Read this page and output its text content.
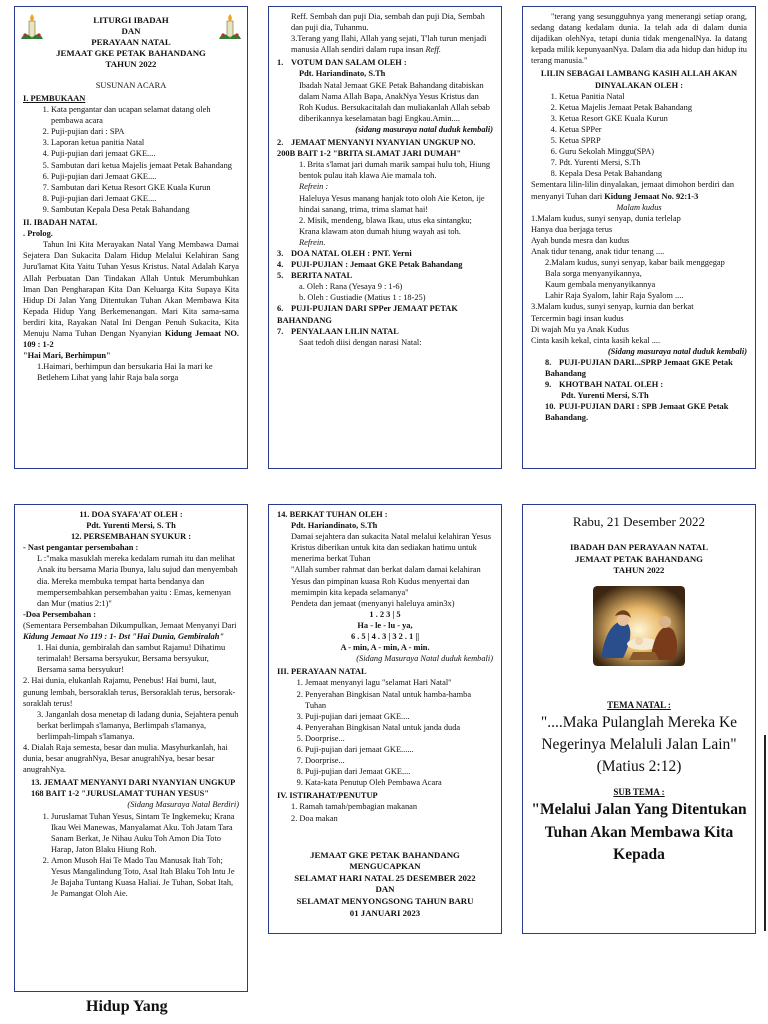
LITURGI IBADAH
DAN
PERAYAAN NATAL
JEMAAT GKE PETAK BAHANDANG
TAHUN 2022

SUSUNAN ACARA

I. PEMBUKAAN

1. Kata pengantar dan ucapan selamat datang oleh pembawa acara
2. Puji-pujian dari : SPA
3. Laporan ketua panitia Natal
4. Puji-pujian dari jemaat GKE....
5. Sambutan dari ketua Majelis jemaat Petak Bahandang
6. Puji-pujian dari Jemaat GKE....
7. Sambutan dari Ketua Resort GKE Kuala Kurun
8. Puji-pujian dari Jemaat GKE....
9. Sambutan Kepala Desa Petak Bahandang

II. IBADAH NATAL

. Prolog.

Tahun Ini Kita Merayakan Natal Yang Membawa Damai Sejatera Dan Sukacita Dalam Hidup Melalui Kelahiran Sang Juru'lamat Kita Yaitu Tuhan Yesus Kristus. Natal Adalah Karya Allah Perbuatan Dan Tindakan Allah Untuk Merumbuhkan Iman Dan Pengharapan Kita Dan Keluarga Kita Supaya Kita Hidup Di Jalan Yang Ditentukan Tuhan Akan Membawa Kita Kepada Hidup Yang Berkemenangan. Mari Kita sama-sama berdiri kita, Rayakan Natal Ini Dengan Penuh Sukacita, Kita Menuju Nama Tuhan Dengan Nyanyian Kidung Jemaat NO. 109 : 1-2

"Hai Mari, Berhimpun"

1.Haimari, berhimpun dan bersukaria Hai Ia mari ke Betlehem Lihat yang lahir Raja bala sorga

Reff. Sembah dan puji Dia, sembah dan puji Dia, Sembah dan puji dia, Tuhanmu.

3.Terang yang Ilahi, Allah yang sejati, T'lah turun menjadi manusia Allah sendiri dalam rupa insan Reff.

1. VOTUM DAN SALAM OLEH :

Pdt. Hariandinato, S.Th

Ibadah Natal Jemaat GKE Petak Bahandang ditabiskan dalam Nama Allah Bapa, AnakNya Yesus Kristus dan Roh Kudus. Bersukacitalah dan muliakanlah Allah sebab diberikannya keselamatan bagi Engkau.Amin....

(sidang masuraya natal duduk kembali)

2. JEMAAT MENYANYI NYANYIAN UNGKUP NO. 200B BAIT 1-2 "BRITA SLAMAT JARI DUMAH"

1. Brita s'lamat jari dumah marik sampai hulu toh, Hiung bentok pulau itah klawa Aie mamala toh.

Refrein :

Haleluya Yesus manang hanjak toto oloh Aie Keton, ije hindai sanang, trima, trima slamat hai!

2. Misik, mendeng, blawa Ikau, utus eka sintangku; Krana klawam aton dumah hiung wayah asi toh.

Refrein.

3. DOA NATAL OLEH : PNT. Yerni

4. PUJI-PUJIAN : Jemaat GKE Petak Bahandang

5. BERITA NATAL

a. Oleh : Rana (Yesaya 9 : 1-6)

b. Oleh : Gustiadie (Matius 1 : 18-25)

6. PUJI-PUJIAN DARI SPPer JEMAAT PETAK BAHANDANG

7. PENYALAAN LILIN NATAL

Saat tedoh diisi dengan narasi Natal:

"terang yang sesungguhnya yang menerangi setiap orang, sedang datang kedalam dunia. Ia telah ada di dalam dunia dijadikan olehNya, tetapi dunia tidak mengenalNya. Ia datang kepada milik kepunyaanNya. Dalam dia ada hidup dan hidup itu terang manusia."

LILIN SEBAGAI LAMBANG KASIH ALLAH AKAN DINYALAKAN OLEH :

1. Ketua Panitia Natal
2. Ketua Majelis Jemaat Petak Bahandang
3. Ketua Resort GKE Kuala Kurun
4. Ketua SPPer
5. Ketua SPRP
6. Guru Sekolah Minggu(SPA)
7. Pdt. Yurenti Mersi, S.Th
8. Kepala Desa Petak Bahandang

Sementara lilin-lilin dinyalakan, jemaat dimohon berdiri dan menyanyi Tuhan dari Kidung Jemaat No. 92:1-3

Malam kudus

1.Malam kudus, sunyi senyap, dunia terlelap

Hanya dua berjaga terus

Ayah bunda mesra dan kudus

Anak tidur tenang, anak tidur tenang ....

2.Malam kudus, sunyi senyap, kabar baik menggegap

Bala sorga menyanyikannya,

Kaum gembala menyanyikannya

Lahir Raja Syalom, lahir Raja Syalom ....

3.Malam kudus, sunyi senyap, kurnia dan berkat

Tercermin bagi insan kudus

Di wajah Mu ya Anak Kudus

Cinta kasih kekal, cinta kasih kekal ....

(Sidang masuraya natal duduk kembali)

8. PUJI-PUJIAN DARI...SPRP Jemaat GKE Petak Bahandang

9. KHOTBAH NATAL OLEH :

Pdt. Yurenti Mersi, S.Th

10. PUJI-PUJIAN DARI : SPB Jemaat GKE Petak Bahandang.

11. DOA SYAFA'AT OLEH :

Pdt. Yurenti Mersi, S. Th

12. PERSEMBAHAN SYUKUR :

- Nast pengantar persembahan :

L :"maka masuklah mereka kedalam rumah itu dan melihat Anak itu bersama Maria Ibunya, lalu sujud dan menyembah dia. Mereka membuka tempat harta bendanya dan mempersembahkan persembahan yaitu : Emas, kemenyan dan Mur (matius 2:1)"

-Doa Persembahan :

(Sementara Persembahan Dikumpulkan, Jemaat Menyanyi Dari Kidung Jemaat No 119 : 1- Dst "Hai Dunia, Gembiralah"

1. Hai dunia, gembiralah dan sambut Rajamu! Dihatimu terimalah! Bersama bersyukur, Bersama bersyukur, Bersama sama bersyukur!

2. Hai dunia, elukanlah Rajamu, Penebus! Hai bumi, laut, gunung lembah, bersoraklah terus, Bersoraklah terus, bersorak-soraklah terus!

3. Janganlah dosa menetap di ladang dunia, Sejahtera penuh berkat berlimpah s'lamanya, Berlimpah s'lamanya, berlimpah-limpah s'lamanya.

4. Dialah Raja semesta, besar dan mulia. Masyhurkanlah, hai dunia, besar anugrahNya, Besar anugrahNya, besar besar anugrahNya.

13. JEMAAT MENYANYI DARI NYANYIAN UNGKUP 168 BAIT 1-2 "JURUSLAMAT TUHAN YESUS"

(Sidang Masuraya Natal Berdiri)

1. Juruslamat Tuhan Yesus, Sintam Te Ingkemeku; Krana Ikau Wei Manewas, Manyalamat Aku. Toh Jatam Tara Sanam Berkat, Je Nihau Auku Toh Amon Dia Toto Harap, Jaton Blaku Hiung Roh.
2. Amon Musoh Hai Te Mado Tau Manusak Itah Toh; Yesus Mangalindung Toto, Asal Itah Blaku Toh Intu Je Je Bajaha Tuntang Kuasa Haliai. Je Tuhan, Sobat Itah, Je Pamangat Oloh Aie.

14. BERKAT TUHAN OLEH :

Pdt. Hariandinato, S.Th

Damai sejahtera dan sukacita Natal melalui kelahiran Yesus Kristus diberikan untuk kita dan sediakan hatimu untuk menerima berkat Tuhan

"Allah sumber rahmat dan berkat dalam damai kelahiran Yesus dan pimpinan kuasa Roh Kudus menyertai dan memimpin kita kepada selamanya"

Pendeta dan jemaat (menyanyi haleluya amin3x)

1 . 2 3 | 5

Ha - le - lu - ya,

6 . 5 | 4 . 3 | 3 2 . 1 ||

A - min, A - min, A - min.

(Sidang Masuraya Natal duduk kembali)

III. PERAYAAN NATAL

1. Jemaat menyanyi lagu "selamat Hari Natal"
2. Penyerahan Bingkisan Natal untuk hamba-hamba Tuhan
3. Puji-pujian dari jemaat GKE....
4. Penyerahan Bingkisan Natal untuk janda duda
5. Doorprise...
6. Puji-pujian dari jemaat GKE......
7. Doorprise...
8. Puji-pujian dari Jemaat GKE....
9. Kata-kata Penutup Oleh Pembawa Acara

IV. ISTIRAHAT/PENUTUP

1. Ramah tamah/pembagian makanan

2. Doa makan

JEMAAT GKE PETAK BAHANDANG

MENGUCAPKAN

SELAMAT HARI NATAL 25 DESEMBER 2022

DAN

SELAMAT MENYONGSONG TAHUN BARU

01 JANUARI 2023

Rabu, 21 Desember 2022

IBADAH DAN PERAYAAN NATAL

JEMAAT PETAK BAHANDANG

TAHUN 2022

TEMA NATAL :

"....Maka Pulanglah Mereka Ke Negerinya Melaluli Jalan Lain"

(Matius 2:12)

SUB TEMA :

"Melalui Jalan Yang Ditentukan Tuhan Akan Membawa Kita Kepada

Hidup Yang
